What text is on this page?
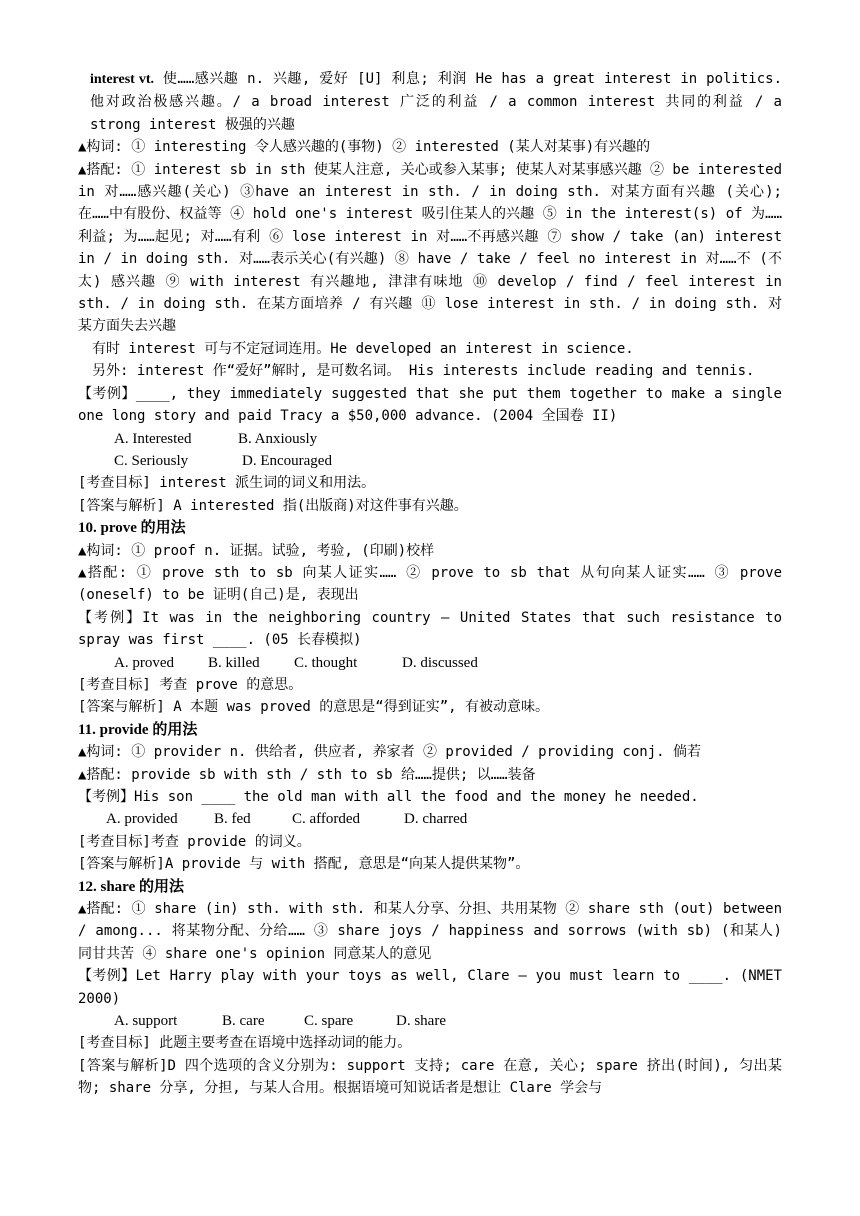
interest vt. 使……感兴趣 n. 兴趣, 爱好 [U] 利息; 利润 He has a great interest in politics. 他对政治极感兴趣。/ a broad interest 广泛的利益 / a common interest 共同的利益 / a strong interest 极强的兴趣
▲构词: ① interesting 令人感兴趣的(事物) ② interested (某人对某事)有兴趣的
▲搭配: ① interest sb in sth 使某人注意, 关心或参入某事; 使某人对某事感兴趣 ② be interested in 对……感兴趣(关心) ③have an interest in sth. / in doing sth. 对某方面有兴趣 (关心); 在……中有股份、权益等 ④ hold one's interest 吸引住某人的兴趣 ⑤ in the interest(s) of 为……利益; 为……起见; 对……有利 ⑥ lose interest in 对……不再感兴趣 ⑦ show / take (an) interest in / in doing sth. 对……表示关心(有兴趣) ⑧ have / take / feel no interest in 对……不 (不太) 感兴趣 ⑨ with interest 有兴趣地, 津津有味地 ⑩ develop / find / feel interest in sth. / in doing sth. 在某方面培养 / 有兴趣 ⑪ lose interest in sth. / in doing sth. 对某方面失去兴趣
有时 interest 可与不定冠词连用。He developed an interest in science.
另外: interest 作“爱好”解时, 是可数名词。 His interests include reading and tennis.
【考例】____, they immediately suggested that she put them together to make a single one long story and paid Tracy a $50,000 advance. (2004 全国卷 II)
A. Interested	B. Anxiously
C. Seriously	D. Encouraged
[考查目标] interest 派生词的词义和用法。
[答案与解析] A interested 指(出版商)对这件事有兴趣。
10. prove 的用法
▲构词: ① proof n. 证据。试验, 考验, (印刷)校样
▲搭配: ① prove sth to sb 向某人证实…… ② prove to sb that 从句向某人证实…… ③ prove (oneself) to be 证明(自己)是, 表现出
【考例】It was in the neighboring country — United States that such resistance to spray was first ____. (05 长春模拟)
A. proved B. killed C. thought	D. discussed
[考查目标] 考查 prove 的意思。
[答案与解析] A 本题 was proved 的意思是“得到证实”, 有被动意味。
11. provide 的用法
▲构词: ① provider n. 供给者, 供应者, 养家者 ② provided / providing conj. 倘若
▲搭配: provide sb with sth / sth to sb 给……提供; 以……装备
【考例】His son ____ the old man with all the food and the money he needed.
A. provided B. fed	C. afforded	D. charred
[考查目标]考查 provide 的词义。
[答案与解析]A provide 与 with 搭配, 意思是“向某人提供某物”。
12. share 的用法
▲搭配: ① share (in) sth. with sth. 和某人分享、分担、共用某物 ② share sth (out) between / among... 将某物分配、分给…… ③ share joys / happiness and sorrows (with sb) (和某人) 同甘共苦 ④ share one's opinion 同意某人的意见
【考例】Let Harry play with your toys as well, Clare — you must learn to ____. (NMET 2000)
A. support	B. care	C. spare	D. share
[考查目标] 此题主要考查在语境中选择动词的能力。
[答案与解析]D 四个选项的含义分别为: support 支持; care 在意, 关心; spare 挤出(时间), 匀出某物; share 分享, 分担, 与某人合用。根据语境可知说话者是想让 Clare 学会与
